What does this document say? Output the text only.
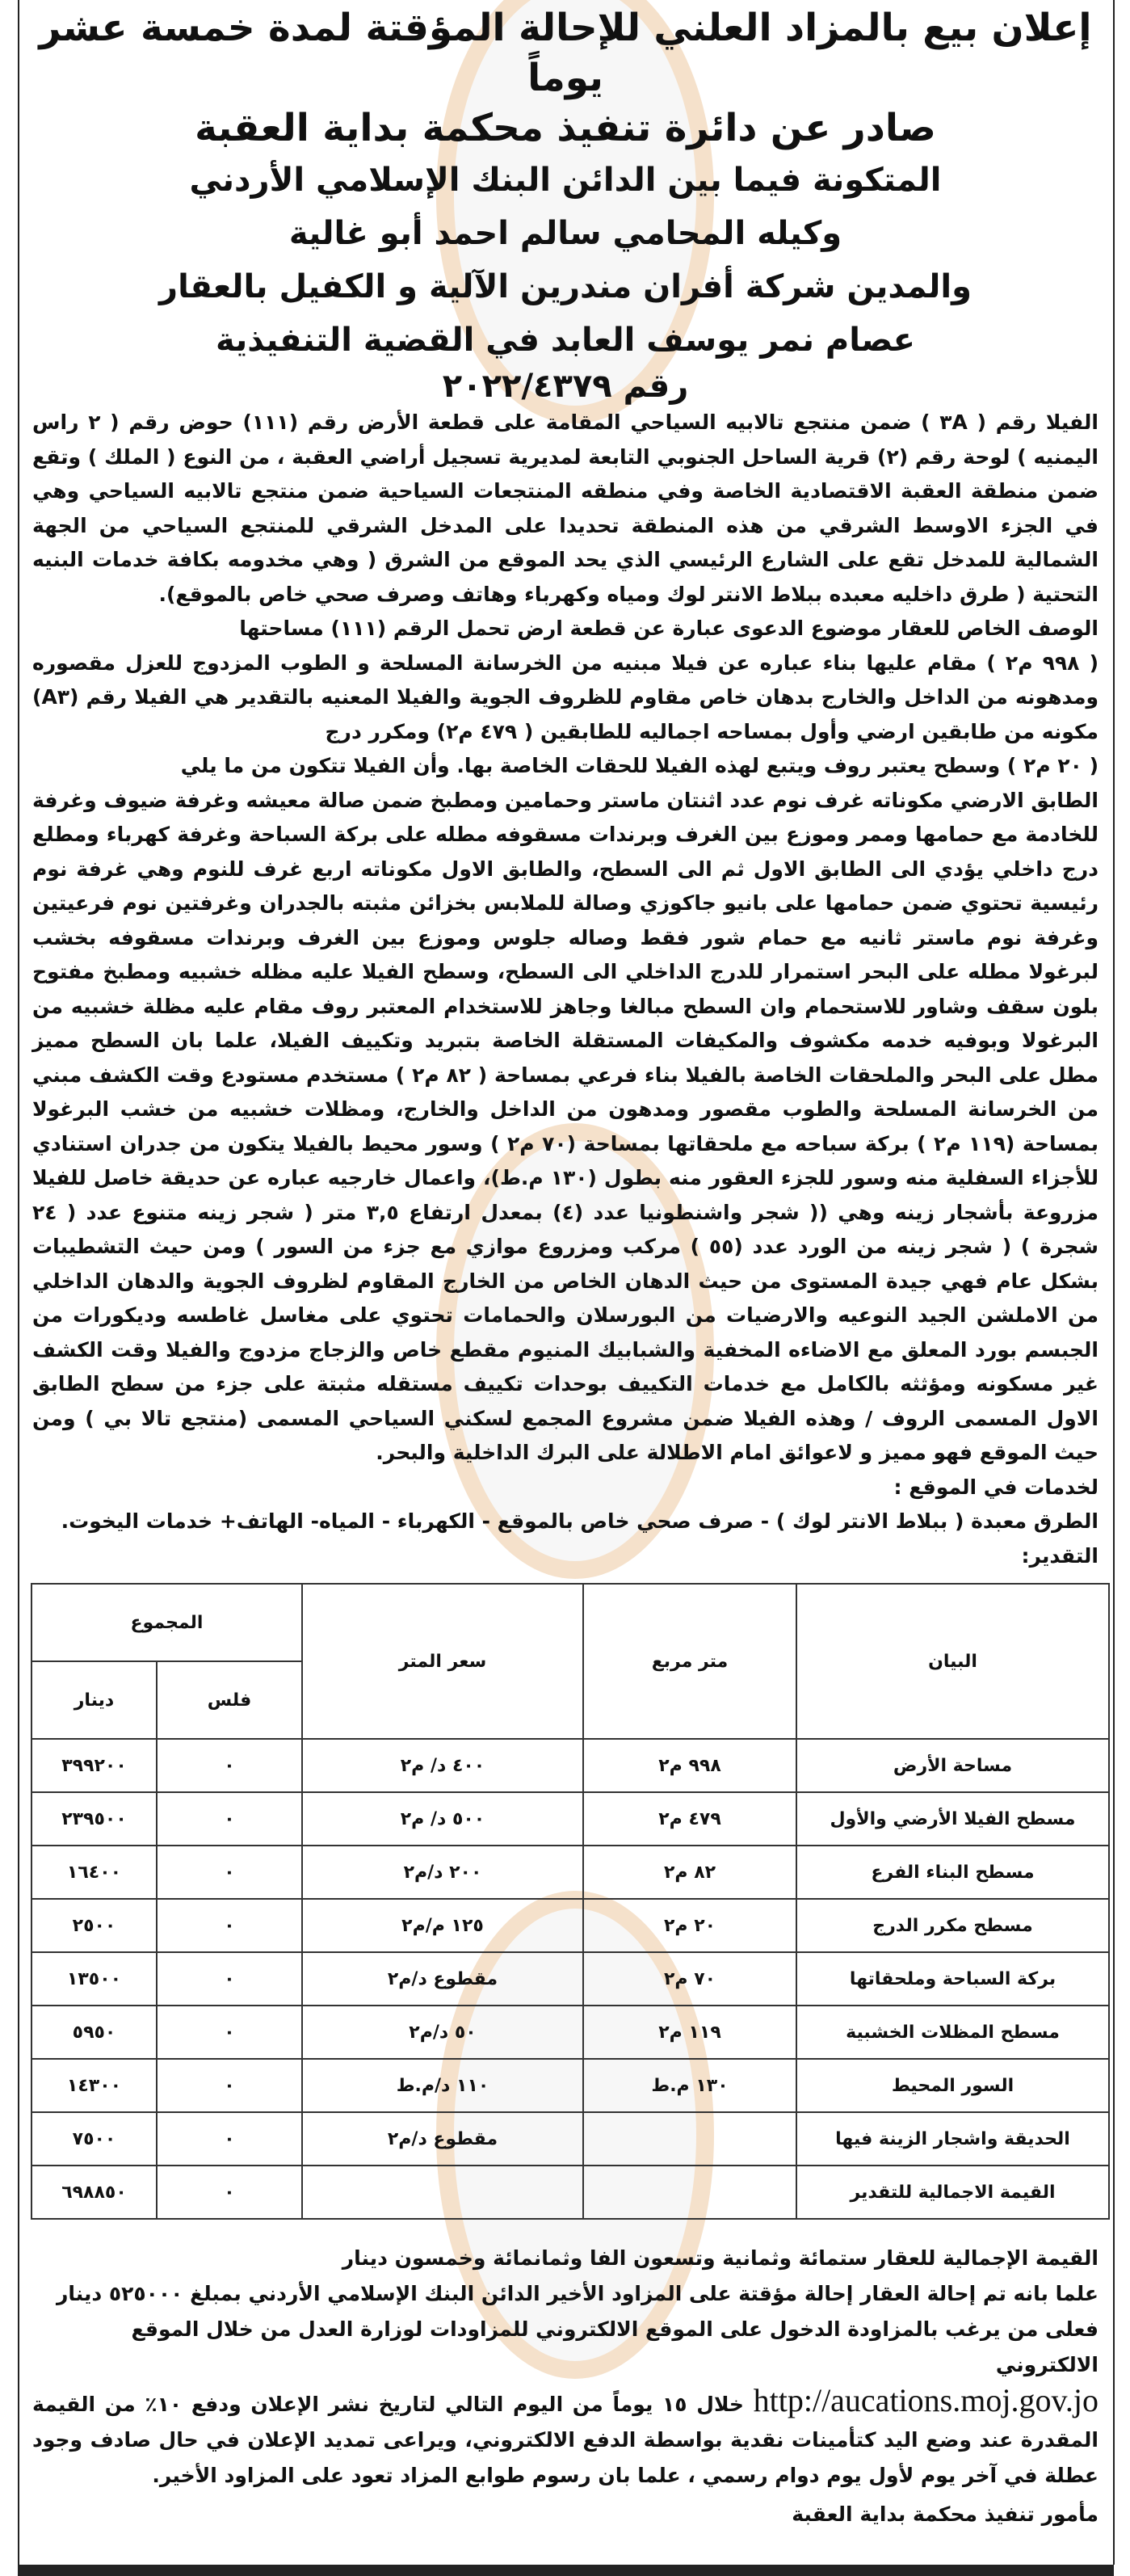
إعلان بيع بالمزاد العلني للإحالة المؤقتة لمدة خمسة عشر يوماً

صادر عن دائرة تنفيذ محكمة بداية العقبة

المتكونة فيما بين الدائن البنك الإسلامي الأردني

وكيله المحامي سالم احمد أبو غالية

والمدين شركة أفران مندرين الآلية و الكفيل بالعقار

عصام نمر يوسف العابد في القضية التنفيذية

رقم ٢٠٢٢/٤٣٧٩

الفيلا رقم ( ٣A ) ضمن منتجع تالابيه السياحي المقامة على قطعة الأرض رقم (١١١) حوض رقم ( ٢ راس اليمنيه ) لوحة رقم (٢) قرية الساحل الجنوبي التابعة لمديرية تسجيل أراضي العقبة ، من النوع ( الملك ) وتقع ضمن منطقة العقبة الاقتصادية الخاصة وفي منطقه المنتجعات السياحية ضمن منتجع تالابيه السياحي وهي في الجزء الاوسط الشرقي من هذه المنطقة تحديدا على المدخل الشرقي للمنتجع السياحي من الجهة الشمالية للمدخل تقع على الشارع الرئيسي الذي يحد الموقع من الشرق ( وهي مخدومه بكافة خدمات البنيه التحتية ( طرق داخليه معبده ببلاط الانتر لوك ومياه وكهرباء وهاتف وصرف صحي خاص بالموقع).

الوصف الخاص للعقار موضوع الدعوى عبارة عن قطعة ارض تحمل الرقم (١١١) مساحتها

( ٩٩٨ م٢ ) مقام عليها بناء عباره عن فيلا مبنيه من الخرسانة المسلحة و الطوب المزدوج للعزل مقصوره ومدهونه من الداخل والخارج بدهان خاص مقاوم للظروف الجوية والفيلا المعنيه بالتقدير هي الفيلا رقم (A٣) مكونه من طابقين ارضي وأول بمساحه اجماليه للطابقين ( ٤٧٩ م٢) ومكرر درج

( ٢٠ م٢ ) وسطح يعتبر روف ويتبع لهذه الفيلا للحقات الخاصة بها. وأن الفيلا تتكون من ما يلي

الطابق الارضي مكوناته غرف نوم عدد اثنتان ماستر وحمامين ومطبخ ضمن صالة معيشه وغرفة ضيوف وغرفة للخادمة مع حمامها وممر وموزع بين الغرف وبرندات مسقوفه مطله على بركة السباحة وغرفة كهرباء ومطلع درج داخلي يؤدي الى الطابق الاول ثم الى السطح، والطابق الاول مكوناته اربع غرف للنوم وهي غرفة نوم رئيسية تحتوي ضمن حمامها على بانيو جاكوزي وصالة للملابس بخزائن مثبته بالجدران وغرفتين نوم فرعيتين وغرفة نوم ماستر ثانيه مع حمام شور فقط وصاله جلوس وموزع بين الغرف وبرندات مسقوفه بخشب لبرغولا مطله على البحر استمرار للدرج الداخلي الى السطح، وسطح الفيلا عليه مظله خشبيه ومطبخ مفتوح بلون سقف وشاور للاستحمام وان السطح مبالغا وجاهز للاستخدام المعتبر روف مقام عليه مظلة خشبيه من البرغولا وبوفيه خدمه مكشوف والمكيفات المستقلة الخاصة بتبريد وتكييف الفيلا، علما بان السطح مميز مطل على البحر والملحقات الخاصة بالفيلا بناء فرعي بمساحة ( ٨٢ م٢ ) مستخدم مستودع وقت الكشف مبني من الخرسانة المسلحة والطوب مقصور ومدهون من الداخل والخارج، ومظلات خشبيه من خشب البرغولا بمساحة (١١٩ م٢ ) بركة سباحه مع ملحقاتها بمساحة (٧٠ م٢ ) وسور محيط بالفيلا يتكون من جدران استنادي للأجزاء السفلية منه وسور للجزء العقور منه بطول (١٣٠ م.ط)، واعمال خارجيه عباره عن حديقة خاصل للفيلا مزروعة بأشجار زينه وهي (( شجر واشنطونيا عدد (٤) بمعدل ارتفاع ٣,٥ متر ( شجر زينه متنوع عدد ( ٢٤ شجرة ) ( شجر زينه من الورد عدد (٥٥ ) مركب ومزروع موازي مع جزء من السور ) ومن حيث التشطيبات بشكل عام فهي جيدة المستوى من حيث الدهان الخاص من الخارج المقاوم لظروف الجوية والدهان الداخلي من الاملشن الجيد النوعيه والارضيات من البورسلان والحمامات تحتوي على مغاسل غاطسه وديكورات من الجبسم بورد المعلق مع الاضاءه المخفية والشبابيك المنيوم مقطع خاص والزجاج مزدوج والفيلا وقت الكشف غير مسكونه ومؤثثه بالكامل مع خدمات التكييف بوحدات تكييف مستقله مثبتة على جزء من سطح الطابق الاول المسمى الروف / وهذه الفيلا ضمن مشروع المجمع لسكني السياحي المسمى (منتجع تالا بي ) ومن حيث الموقع فهو مميز و لاعوائق امام الاطلالة على البرك الداخلية والبحر.

لخدمات في الموقع :

الطرق معبدة ( ببلاط الانتر لوك ) - صرف صحي خاص بالموقع - الكهرباء - المياه- الهاتف+ خدمات اليخوت.

التقدير:

البيان	متر مربع	سعر المتر	المجموع	
			فلس	دينار
مساحة الأرض	٩٩٨ م٢	٤٠٠ د/ م٢	٠	٣٩٩٢٠٠
مسطح الفيلا الأرضي والأول	٤٧٩ م٢	٥٠٠ د/ م٢	٠	٢٣٩٥٠٠
مسطح البناء الفرع	٨٢ م٢	٢٠٠ د/م٢	٠	١٦٤٠٠
مسطح مكرر الدرج	٢٠ م٢	١٢٥ م/م٢	٠	٢٥٠٠
بركة السباحة وملحقاتها	٧٠ م٢	مقطوع د/م٢	٠	١٣٥٠٠
مسطح المظلات الخشبية	١١٩ م٢	٥٠ د/م٢	٠	٥٩٥٠
السور المحيط	١٣٠ م.ط	١١٠ د/م.ط	٠	١٤٣٠٠
الحديقة واشجار الزينة فيها		مقطوع د/م٢	٠	٧٥٠٠
القيمة الاجمالية للتقدير			٠	٦٩٨٨٥٠

القيمة الإجمالية للعقار ستمائة وثمانية وتسعون الفا وثمانمائة وخمسون دينار

علما بانه تم إحالة العقار إحالة مؤقتة على المزاود الأخير الدائن البنك الإسلامي الأردني بمبلغ ٥٢٥٠٠٠ دينار

فعلى من يرغب بالمزاودة الدخول على الموقع الالكتروني للمزاودات لوزارة العدل من خلال الموقع الالكتروني

http://aucations.moj.gov.jo خلال ١٥ يوماً من اليوم التالي لتاريخ نشر الإعلان ودفع ١٠٪ من القيمة المقدرة عند وضع اليد كتأمينات نقدية بواسطة الدفع الالكتروني، ويراعى تمديد الإعلان في حال صادف وجود عطلة في آخر يوم لأول يوم دوام رسمي ، علما بان رسوم طوابع المزاد تعود على المزاود الأخير.

مأمور تنفيذ محكمة بداية العقبة
